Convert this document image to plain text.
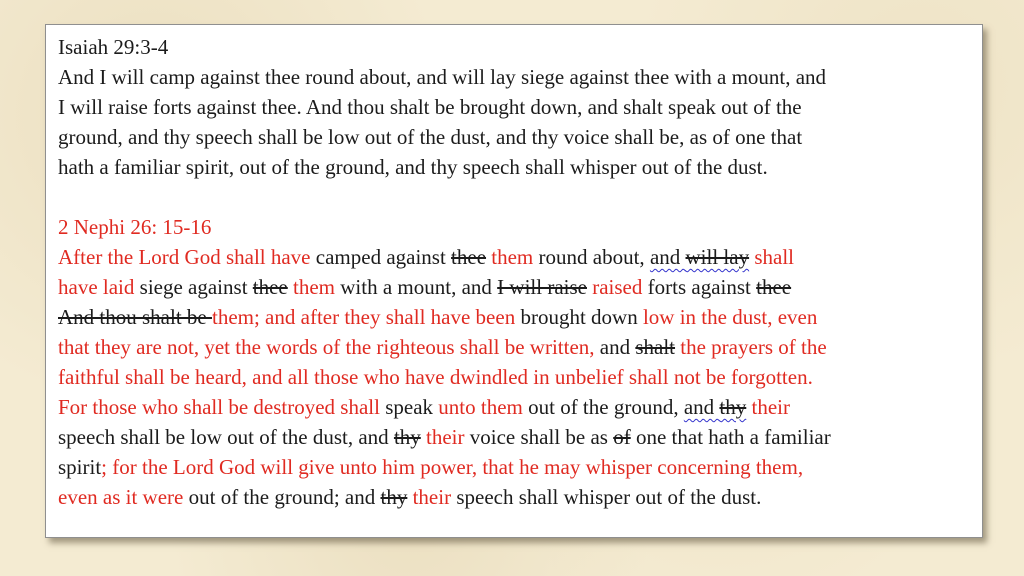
Isaiah 29:3-4
And I will camp against thee round about, and will lay siege against thee with a mount, and
I will raise forts against thee. And thou shalt be brought down, and shalt speak out of the
ground, and thy speech shall be low out of the dust, and thy voice shall be, as of one that
hath a familiar spirit, out of the ground, and thy speech shall whisper out of the dust.
2 Nephi 26: 15-16
After the Lord God shall have camped against thee them round about, and will lay shall
have laid siege against thee them with a mount, and I will raise raised forts against thee
And thou shalt be them; and after they shall have been brought down low in the dust, even
that they are not, yet the words of the righteous shall be written, and shalt the prayers of the
faithful shall be heard, and all those who have dwindled in unbelief shall not be forgotten.
For those who shall be destroyed shall speak unto them out of the ground, and thy their
speech shall be low out of the dust, and thy their voice shall be as of one that hath a familiar
spirit; for the Lord God will give unto him power, that he may whisper concerning them,
even as it were out of the ground; and thy their speech shall whisper out of the dust.
